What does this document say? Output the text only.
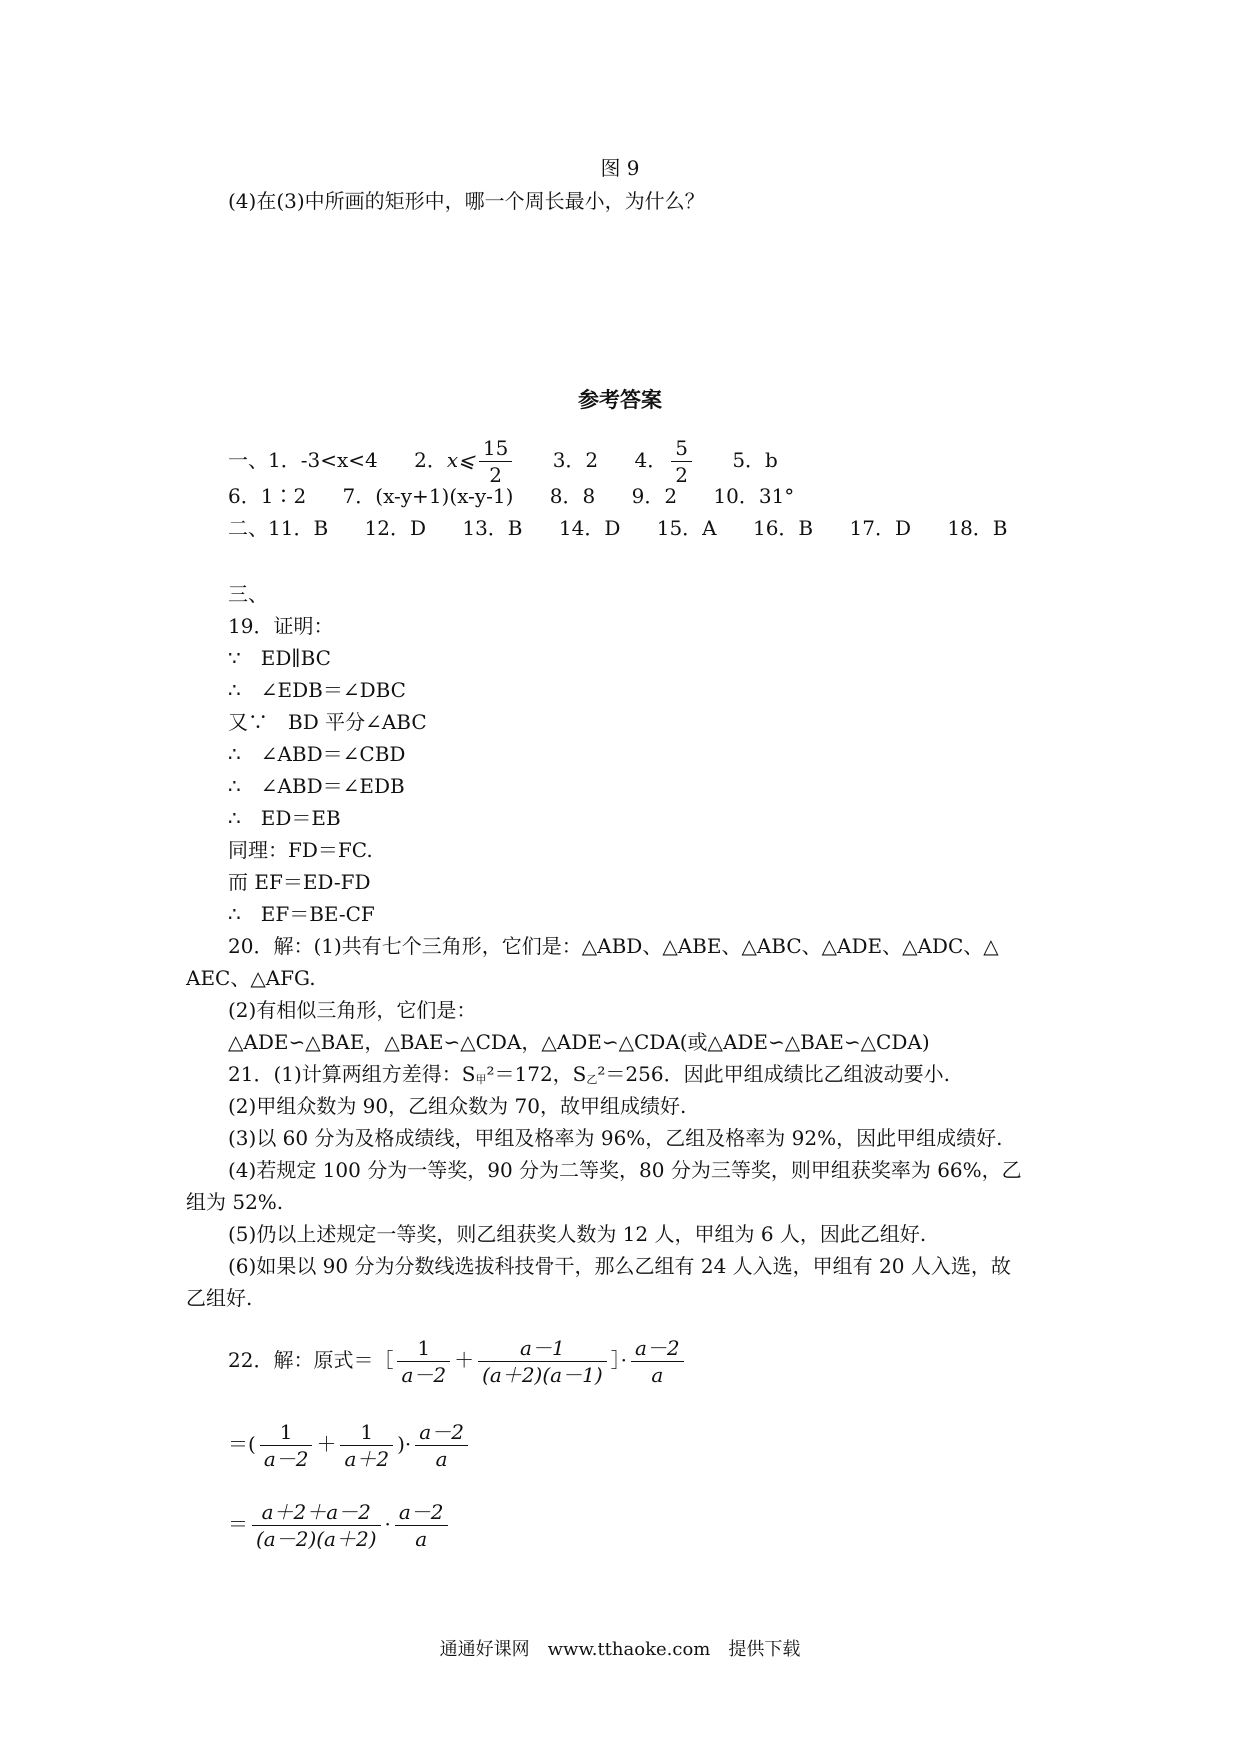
图 9
(4)在(3)中所画的矩形中，哪一个周长最小，为什么？
参考答案
一、1．-3<x<4 2．x⩽ $\frac{15}{2} 3$．2 4． $\frac{5}{2} 5$．b
6．1∶2 7．(x-y+1)(x-y-1) 8．8 9．2 10．31°
二、11．B 12．D 13．B 14．D 15．A 16．B 17．D 18．B
三、
19．证明：
∵　ED∥BC
∴　∠EDB＝∠DBC
又∵　BD 平分∠ABC
∴　∠ABD＝∠CBD
∴　∠ABD＝∠EDB
∴　ED＝EB
同理：FD＝FC.
而 EF＝ED-FD
∴　EF＝BE-CF
20．解：(1)共有七个三角形，它们是：△ABD、△ABE、△ABC、△ADE、△ADC、△
AEC、△AFG.
(2)有相似三角形，它们是：
△ADE∽△BAE，△BAE∽△CDA，△ADE∽△CDA(或△ADE∽△BAE∽△CDA)
21．(1)计算两组方差得：$S_甲^2=172$，$S_乙^2=256$．因此甲组成绩比乙组波动要小.
(2)甲组众数为 90，乙组众数为 70，故甲组成绩好.
(3)以 60 分为及格成绩线，甲组及格率为 96%，乙组及格率为 92%，因此甲组成绩好.
(4)若规定 100 分为一等奖，90 分为二等奖，80 分为三等奖，则甲组获奖率为 66%，乙
组为 52%.
(5)仍以上述规定一等奖，则乙组获奖人数为 12 人，甲组为 6 人，因此乙组好.
(6)如果以 90 分为分数线选拔科技骨干，那么乙组有 24 人入选，甲组有 20 人入选，故
乙组好.
22．解：原式＝［ $\frac{1}{a-2} + \frac{a-1}{(a+2)(a-1)}$ ］· $\frac{a-2}{a}$
＝( $\frac{1}{a-2} + \frac{1}{a+2}$ )· $\frac{a-2}{a}$
＝ $\frac{a+2+a-2}{(a-2)(a+2)} \cdot \frac{a-2}{a}$
通通好课网　www.tthaoke.com　提供下载
